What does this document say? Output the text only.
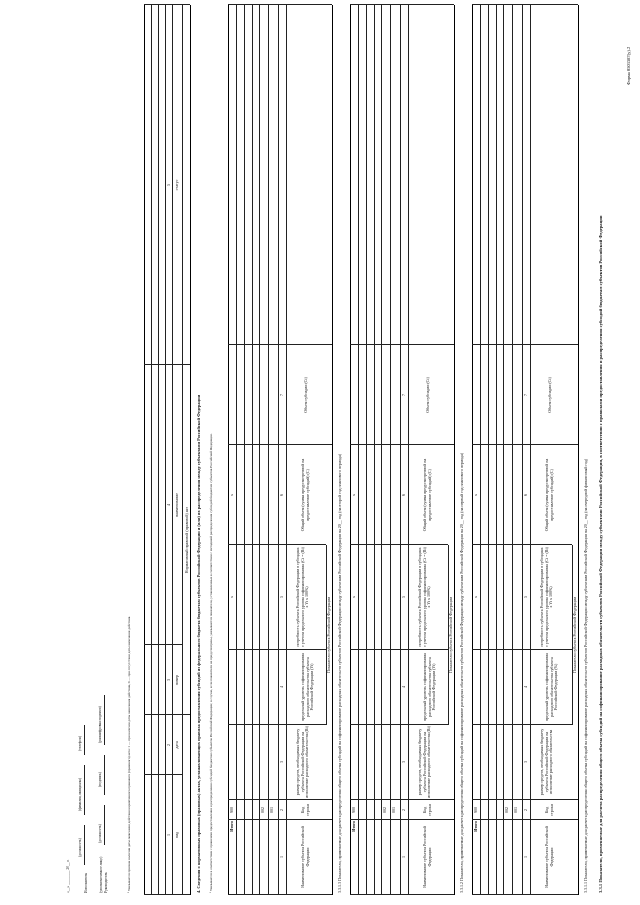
Форма 0503387(у).2
3.3.1 Показатели, применяемые для расчета распределения общего объема субсидий на софинансирование расходных обязательств субъектов Российской Федерации между субъектами Российской Федерации, в соответствии с правилами предоставления и распределения субсидий бюджетам субъектов Российской Федерации
3.3.1.1 Показатели, применяемые для расчета распределения общего объема субсидий на софинансирование расходных обязательств субъектов Российской Федерации между субъектами Российской Федерации на 20__ год (на очередной финансовый год)
Наименование субъекта Российской Федерации
Код строки
размер средств, необходимых бюджету субъекта Российской Федерации на исполнение расходного обязательства
Показатели субъекта Российской Федерации
предельный уровень софинансирования расходного обязательства субъекта Российской Федерации (%)
потребность субъекта Российской Федерации в субсидиях с учетом предельного уровня софинансирования (Ci = (Ri) x Yi x 100%)
Общий объем (сумма предусмотренной на предоставление субсидий) (С)
Объем субсидии (Ci)
1
2
3
4
5
6
7
001
002
Итого
900
x
x
3.3.1.2 Показатели, применяемые для расчета распределения общего объема субсидий на софинансирование расходных обязательств субъектов Российской Федерации между субъектами Российской Федерации на 20__ год (на первый год планового периода)
Наименование субъекта Российской Федерации
Код строки
размер средств, необходимых бюджету субъекта Российской Федерации на исполнение расходного обязательства (Ri)
Показатели субъекта Российской Федерации
предельный уровень софинансирования расходного обязательства субъекта Российской Федерации (Yi)
потребность субъекта Российской Федерации в субсидиях с учетом предельного уровня софинансирования (Ci = (Ri) x Yi x 100%)
Общий объем (сумма предусмотренной на предоставление субсидий) (С)
Объем субсидии (Ci)
1
2
3
4
5
6
7
001
002
Итого
900
x
x
3.3.1.3 Показатели, применяемые для расчета распределения общего объема субсидий на софинансирование расходных обязательств субъектов Российской Федерации между субъектами Российской Федерации на 20__ год (на второй год планового периода)
Наименование субъекта Российской Федерации
Код строки
размер средств, необходимых бюджету субъекта Российской Федерации на исполнение расходного обязательства (Ri)
Показатели субъекта Российской Федерации
предельный уровень софинансирования расходного обязательства субъекта Российской Федерации (Yi)
потребность субъекта Российской Федерации в субсидиях с учетом предельного уровня софинансирования (Ci = (Ri) x Yi x 100%)
Общий объем (сумма предусмотренной на предоставление субсидий) (С)
Объем субсидии (Ci)
1
2
3
4
5
6
7
001
002
Итого
900
x
x
¹ Указывается в соответствии с правилами предоставления и распределения субсидий бюджетам субъектов Российской Федерации; в случае, если показатели не предусмотрены, указываются показатели, установленные в соответствии с методикой распределения субсидий бюджетам субъектов Российской Федерации.
4. Сведения о нормативных правовых (правовых) актах, устанавливающих правила предоставления субсидий из федерального бюджета бюджетам субъектов Российской Федерации и (или) их распределения между субъектами Российской Федерации
Нормативный правовой (правовой) акт
вид
дата
номер
наименование
статус
1
2
3
4
5
² Указывается признак наличия даты окончания действия нормативного правового (правового) акта: 1 — при наличии даты окончания действия, 0 — при отсутствии даты окончания действия.
Руководитель
(уполномоченное лицо)
(должность)
(подпись)
(расшифровка подписи)
Исполнитель
(должность)
(фамилия, инициалы)
(телефон)
«__» ________ 20__ г.
